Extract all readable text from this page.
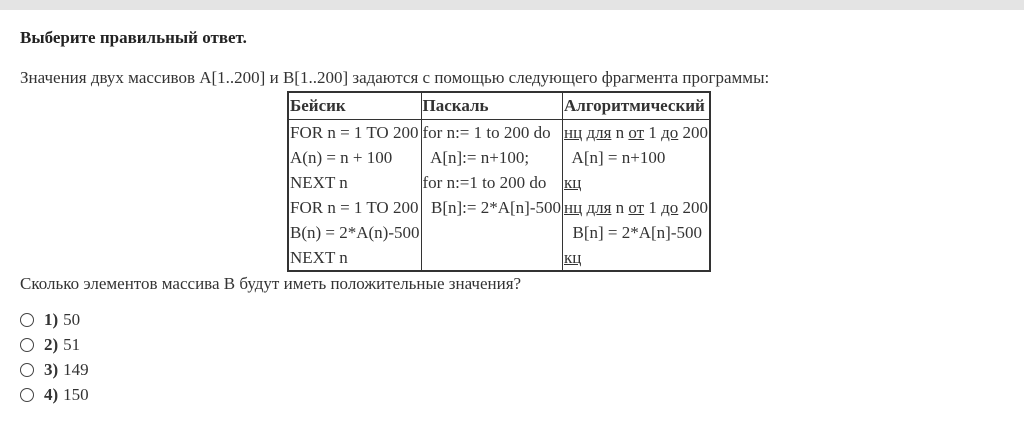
Выберите правильный ответ.
Значения двух массивов A[1..200] и B[1..200] задаются с помощью следующего фрагмента программы:
Бейсик	Паскаль	Алгоритмический
FOR n = 1 TO 200	for n:= 1 to 200 do	нц для n от 1 до 200
A(n) = n + 100	A[n]:= n+100;	A[n] = n+100
NEXT n	for n:=1 to 200 do	кц
FOR n = 1 TO 200	B[n]:= 2*A[n]-500	нц для n от 1 до 200
B(n) = 2*A(n)-500		B[n] = 2*A[n]-500
NEXT n		кц
Сколько элементов массива B будут иметь положительные значения?
1) 50
2) 51
3) 149
4) 150
